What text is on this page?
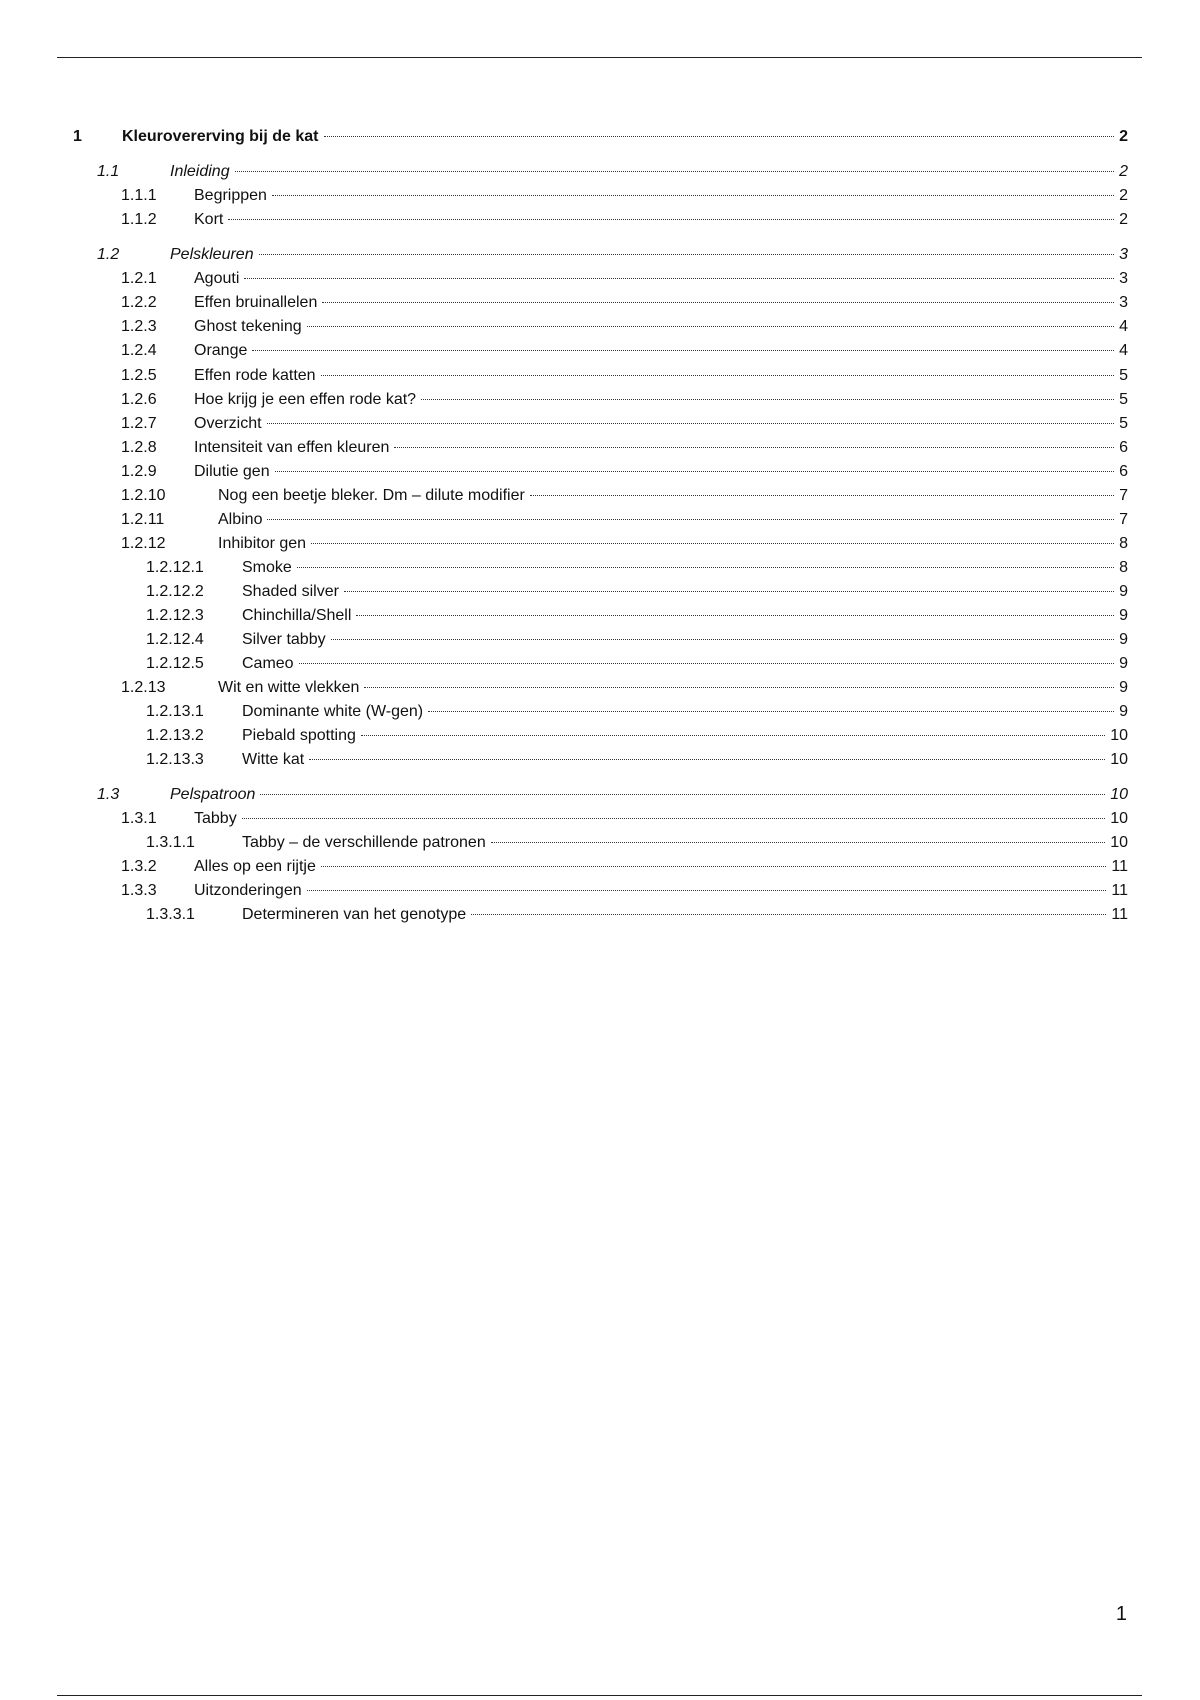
1	Kleurovererving bij de kat	2
1.1	Inleiding	2
1.1.1 Begrippen	2
1.1.2 Kort	2
1.2	Pelskleuren	3
1.2.1 Agouti	3
1.2.2 Effen bruinallelen	3
1.2.3 Ghost tekening	4
1.2.4 Orange	4
1.2.5 Effen rode katten	5
1.2.6 Hoe krijg je een effen rode kat?	5
1.2.7 Overzicht	5
1.2.8 Intensiteit van effen kleuren	6
1.2.9 Dilutie gen	6
1.2.10	Nog een beetje bleker. Dm – dilute modifier	7
1.2.11	Albino	7
1.2.12	Inhibitor gen	8
1.2.12.1 Smoke	8
1.2.12.2 Shaded silver	9
1.2.12.3 Chinchilla/Shell	9
1.2.12.4 Silver tabby	9
1.2.12.5 Cameo	9
1.2.13	Wit en witte vlekken	9
1.2.13.1 Dominante white (W-gen)	9
1.2.13.2 Piebald spotting	10
1.2.13.3 Witte kat	10
1.3	Pelspatroon	10
1.3.1 Tabby	10
1.3.1.1	Tabby – de verschillende patronen	10
1.3.2 Alles op een rijtje	11
1.3.3 Uitzonderingen	11
1.3.3.1	Determineren van het genotype	11
1
